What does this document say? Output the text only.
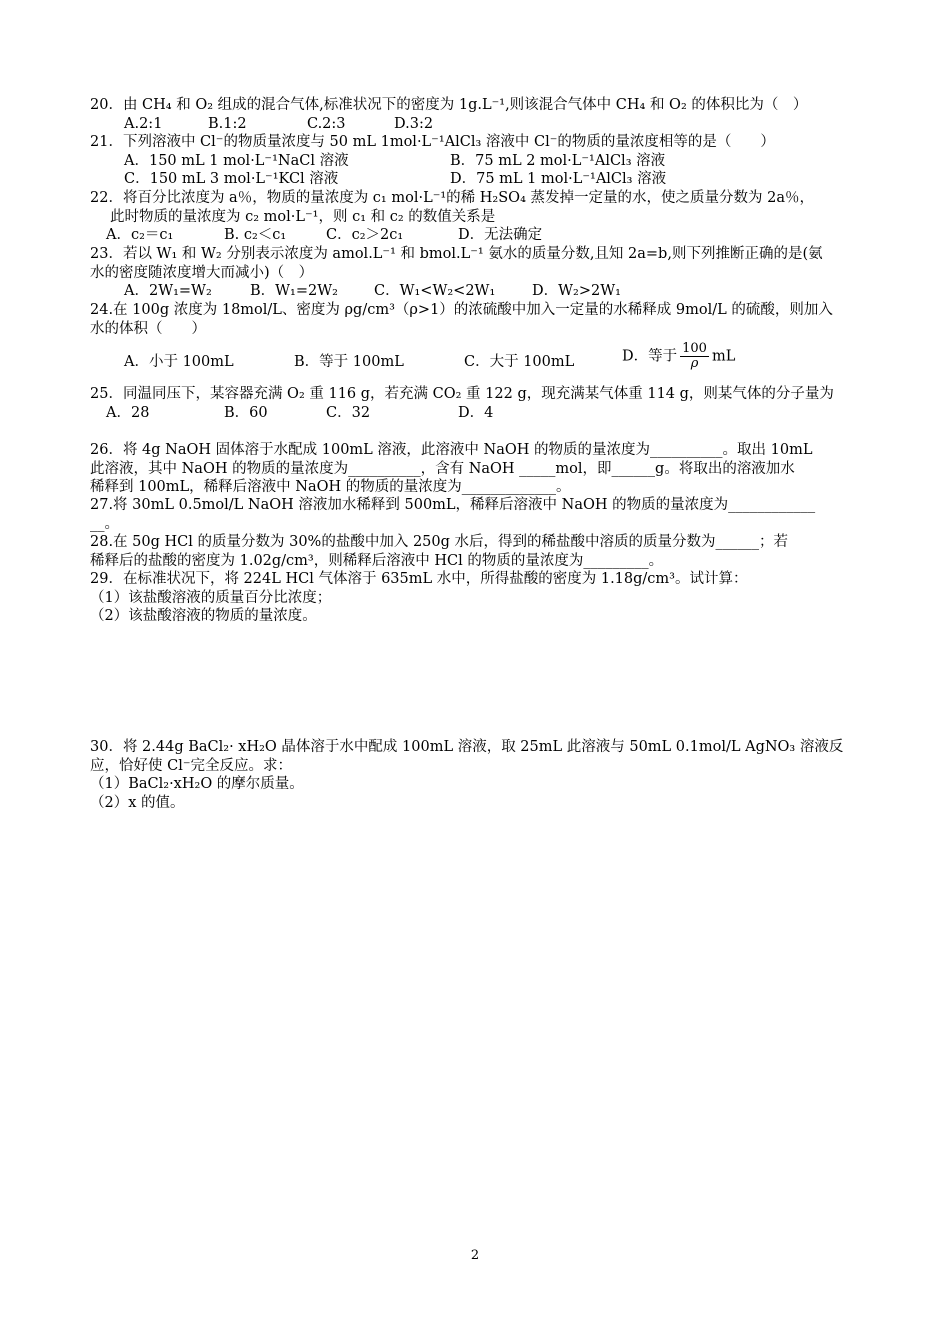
20．由 CH₄ 和 O₂ 组成的混合气体,标准状况下的密度为 1g.L⁻¹,则该混合气体中 CH₄ 和 O₂ 的体积比为（　）
A.2:1	B.1:2	C.2:3	D.3:2
21．下列溶液中 Cl⁻的物质量浓度与 50 mL 1mol·L⁻¹AlCl₃ 溶液中 Cl⁻的物质的量浓度相等的是（　　）
A．150 mL 1 mol·L⁻¹NaCl 溶液	B．75 mL 2 mol·L⁻¹AlCl₃ 溶液
C．150 mL 3 mol·L⁻¹KCl 溶液	D．75 mL 1 mol·L⁻¹AlCl₃ 溶液
22．将百分比浓度为 a％，物质的量浓度为 c₁ mol·L⁻¹的稀 H₂SO₄ 蒸发掉一定量的水，使之质量分数为 2a％，
此时物质的量浓度为 c₂ mol·L⁻¹，则 c₁ 和 c₂ 的数值关系是
A．c₂＝c₁	B. c₂＜c₁	C．c₂＞2c₁	D．无法确定
23．若以 W₁ 和 W₂ 分别表示浓度为 amol.L⁻¹ 和 bmol.L⁻¹ 氨水的质量分数,且知 2a=b,则下列推断正确的是(氨
水的密度随浓度增大而减小)（　）
A．2W₁=W₂	B．W₁=2W₂ C．W₁<W₂<2W₁	D．W₂>2W₁
24.在 100g 浓度为 18mol/L、密度为 ρg/cm³（ρ>1）的浓硫酸中加入一定量的水稀释成 9mol/L 的硫酸，则加入
水的体积（　　）
A．小于 100mL	B．等于 100mL	C．大于 100mL	D．等于 $\frac{100}{\rho}$ mL
25．同温同压下，某容器充满 O₂ 重 116 g，若充满 CO₂ 重 122 g，现充满某气体重 114 g，则某气体的分子量为
A．28	B．60	C．32	D．4
26．将 4g NaOH 固体溶于水配成 100mL 溶液，此溶液中 NaOH 的物质的量浓度为__________。取出 10mL
此溶液，其中 NaOH 的物质的量浓度为__________，含有 NaOH _____mol，即______g。将取出的溶液加水
稀释到 100mL，稀释后溶液中 NaOH 的物质的量浓度为_____________。
27.将 30mL 0.5mol/L NaOH 溶液加水稀释到 500mL，稀释后溶液中 NaOH 的物质的量浓度为____________
__。
28.在 50g HCl 的质量分数为 30%的盐酸中加入 250g 水后，得到的稀盐酸中溶质的质量分数为______；若
稀释后的盐酸的密度为 1.02g/cm³，则稀释后溶液中 HCl 的物质的量浓度为_________。
29．在标准状况下，将 224L HCl 气体溶于 635mL 水中，所得盐酸的密度为 1.18g/cm³。试计算：
（1）该盐酸溶液的质量百分比浓度；
（2）该盐酸溶液的物质的量浓度。
30．将 2.44g BaCl₂· xH₂O 晶体溶于水中配成 100mL 溶液，取 25mL 此溶液与 50mL 0.1mol/L AgNO₃ 溶液反
应，恰好使 Cl⁻完全反应。求：
（1）BaCl₂·xH₂O 的摩尔质量。
（2）x 的值。
2
